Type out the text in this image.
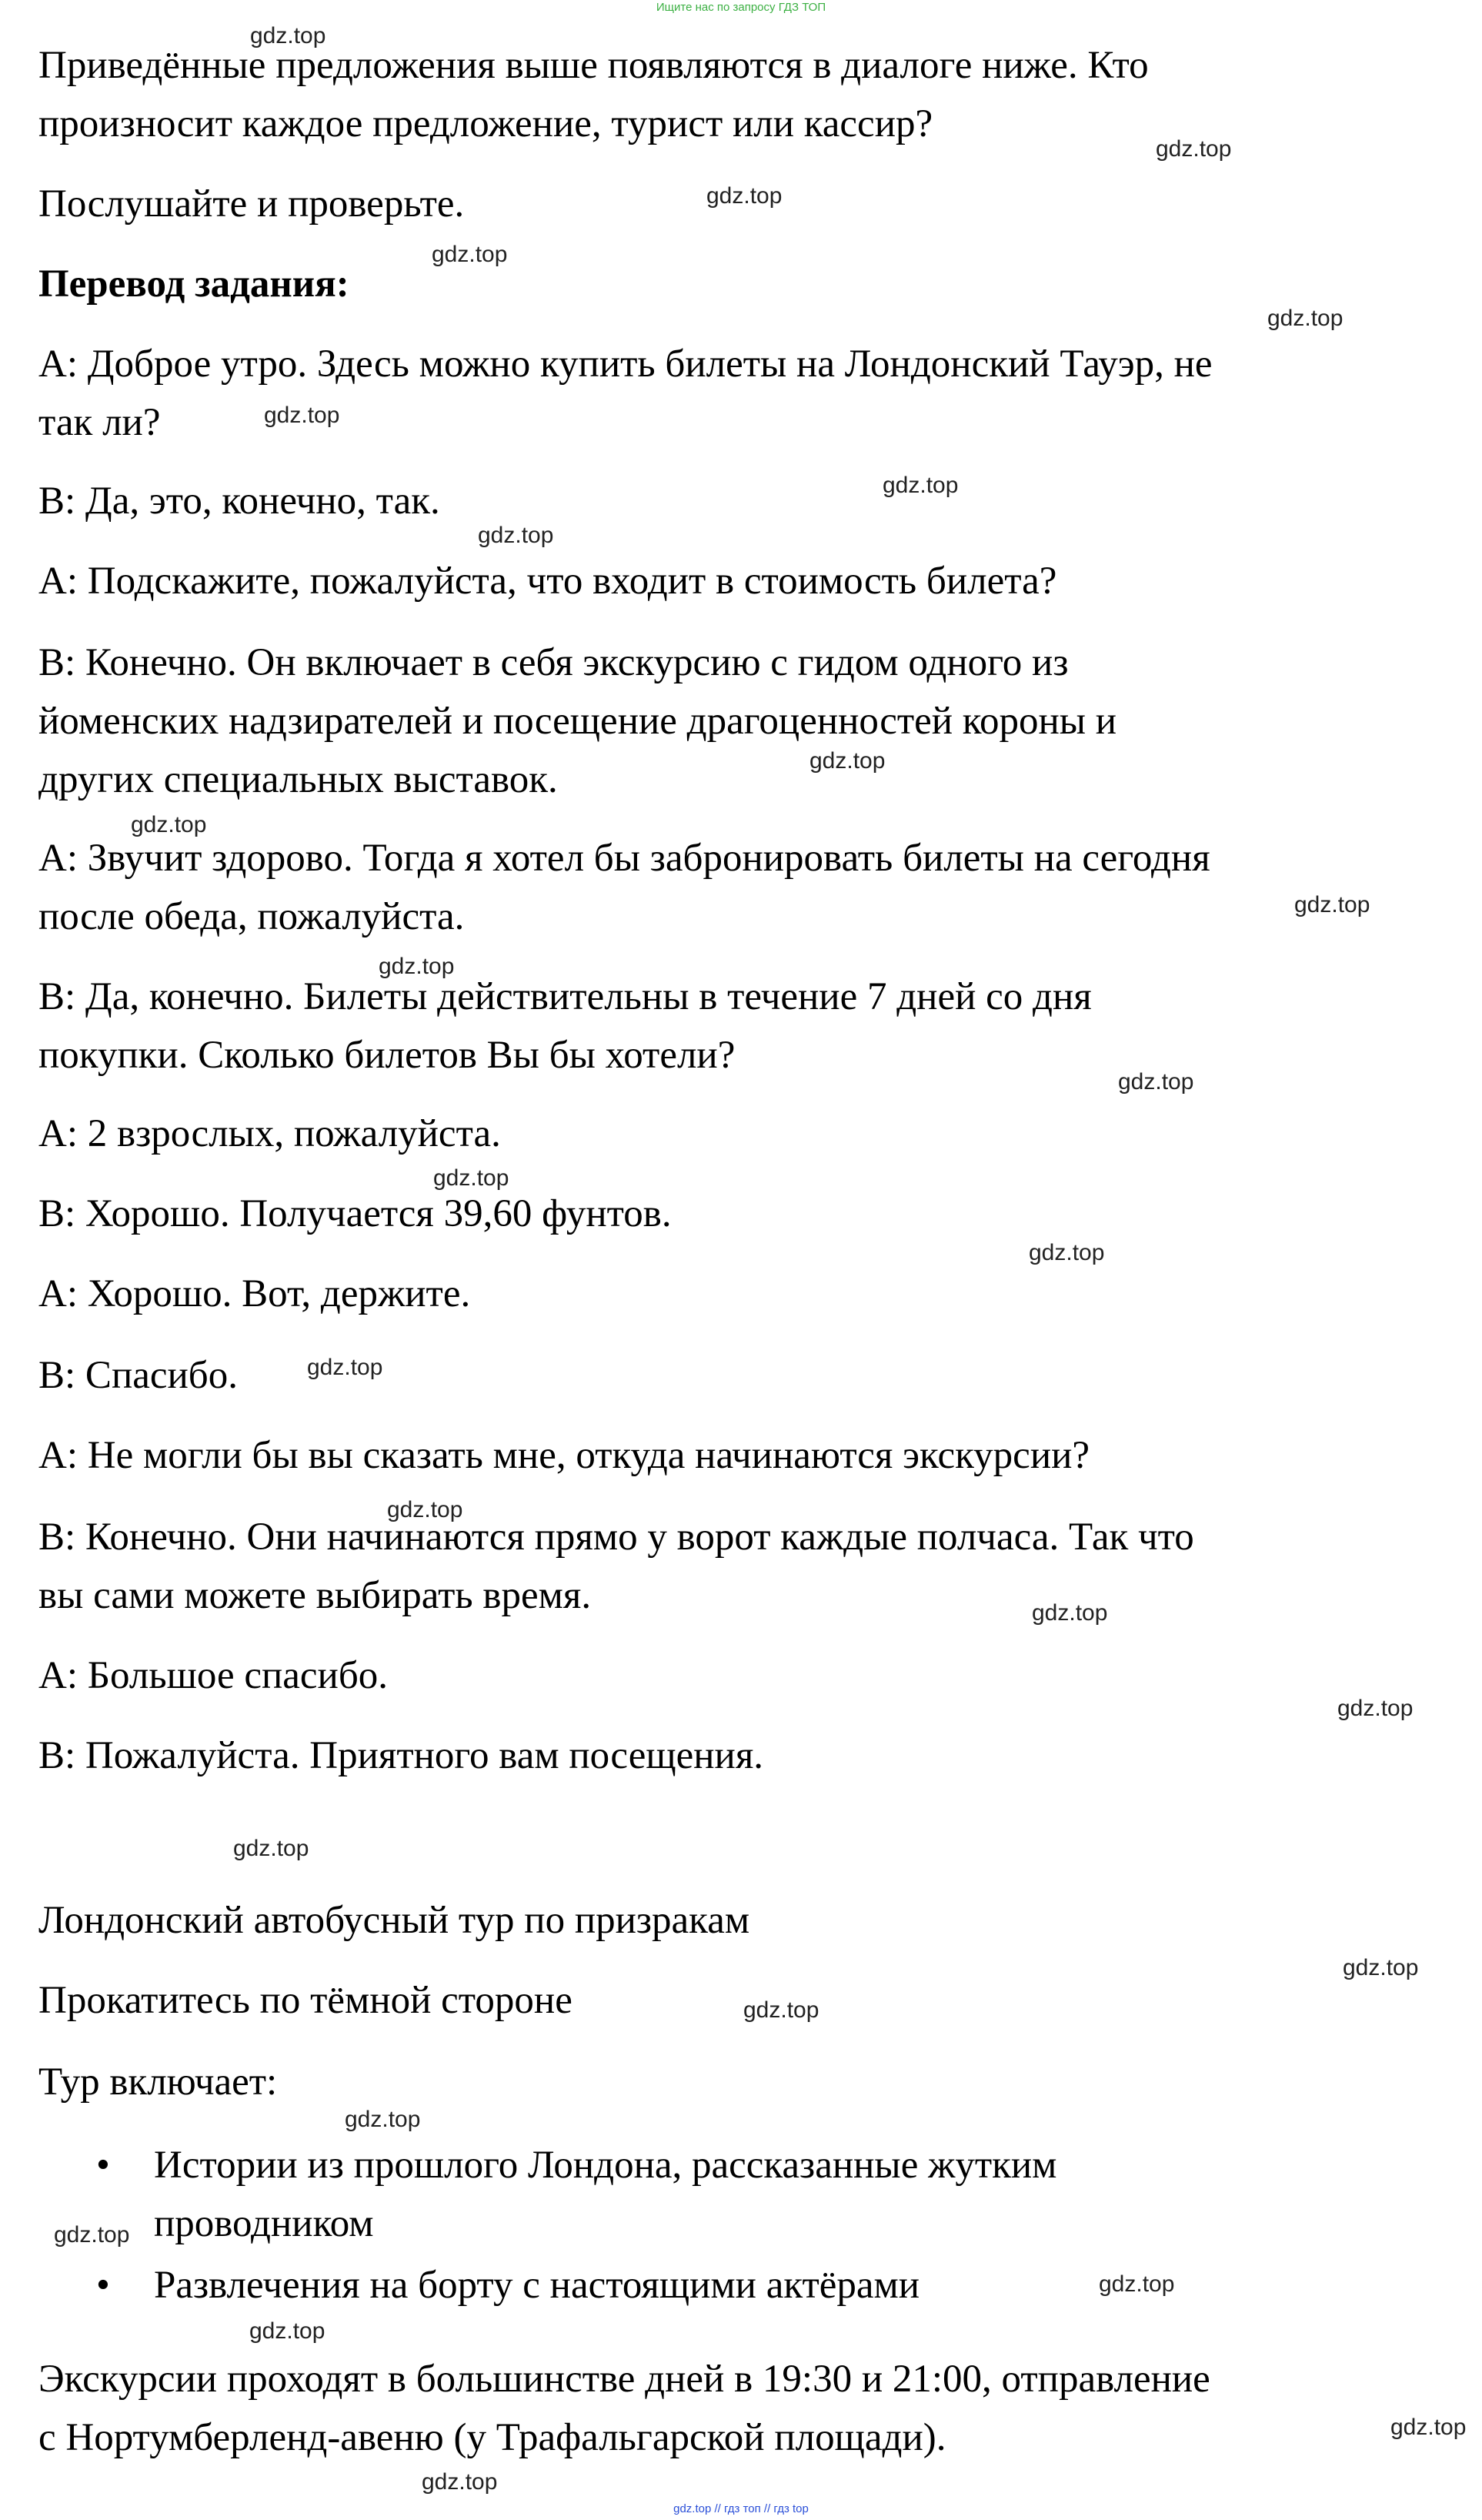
Ищите нас по запросу ГДЗ ТОП
Приведённые предложения выше появляются в диалоге ниже. Кто
произносит каждое предложение, турист или кассир?
Послушайте и проверьте.
Перевод задания:
A: Доброе утро. Здесь можно купить билеты на Лондонский Тауэр, не
так ли?
B: Да, это, конечно, так.
A: Подскажите, пожалуйста, что входит в стоимость билета?
B: Конечно. Он включает в себя экскурсию с гидом одного из
йоменских надзирателей и посещение драгоценностей короны и
других специальных выставок.
A: Звучит здорово. Тогда я хотел бы забронировать билеты на сегодня
после обеда, пожалуйста.
B: Да, конечно. Билеты действительны в течение 7 дней со дня
покупки. Сколько билетов Вы бы хотели?
A: 2 взрослых, пожалуйста.
B: Хорошо. Получается 39,60 фунтов.
A: Хорошо. Вот, держите.
B: Спасибо.
A: Не могли бы вы сказать мне, откуда начинаются экскурсии?
B: Конечно. Они начинаются прямо у ворот каждые полчаса. Так что
вы сами можете выбирать время.
A: Большое спасибо.
B: Пожалуйста. Приятного вам посещения.
Лондонский автобусный тур по призракам
Прокатитесь по тёмной стороне
Тур включает:
• Истории из прошлого Лондона, рассказанные жутким
проводником
• Развлечения на борту с настоящими актёрами
Экскурсии проходят в большинстве дней в 19:30 и 21:00, отправление
с Нортумберленд-авеню (у Трафальгарской площади).
gdz.top
gdz.top
gdz.top
gdz.top
gdz.top
gdz.top
gdz.top
gdz.top
gdz.top
gdz.top
gdz.top
gdz.top
gdz.top
gdz.top
gdz.top
gdz.top
gdz.top
gdz.top
gdz.top
gdz.top
gdz.top
gdz.top
gdz.top
gdz.top
gdz.top
gdz.top
gdz.top
gdz.top
gdz.top // гдз топ // гдз top
